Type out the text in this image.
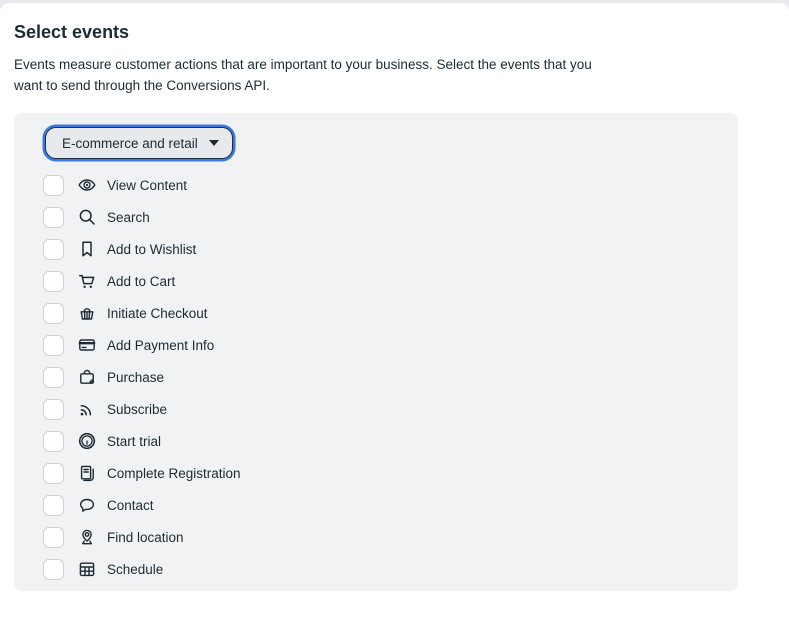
Select events

Events measure customer actions that are important to your business. Select the events that you want to send through the Conversions API.

E-commerce and retail
View Content
Search
Add to Wishlist
Add to Cart
Initiate Checkout
Add Payment Info
Purchase
Subscribe
Start trial
Complete Registration
Contact
Find location
Schedule
